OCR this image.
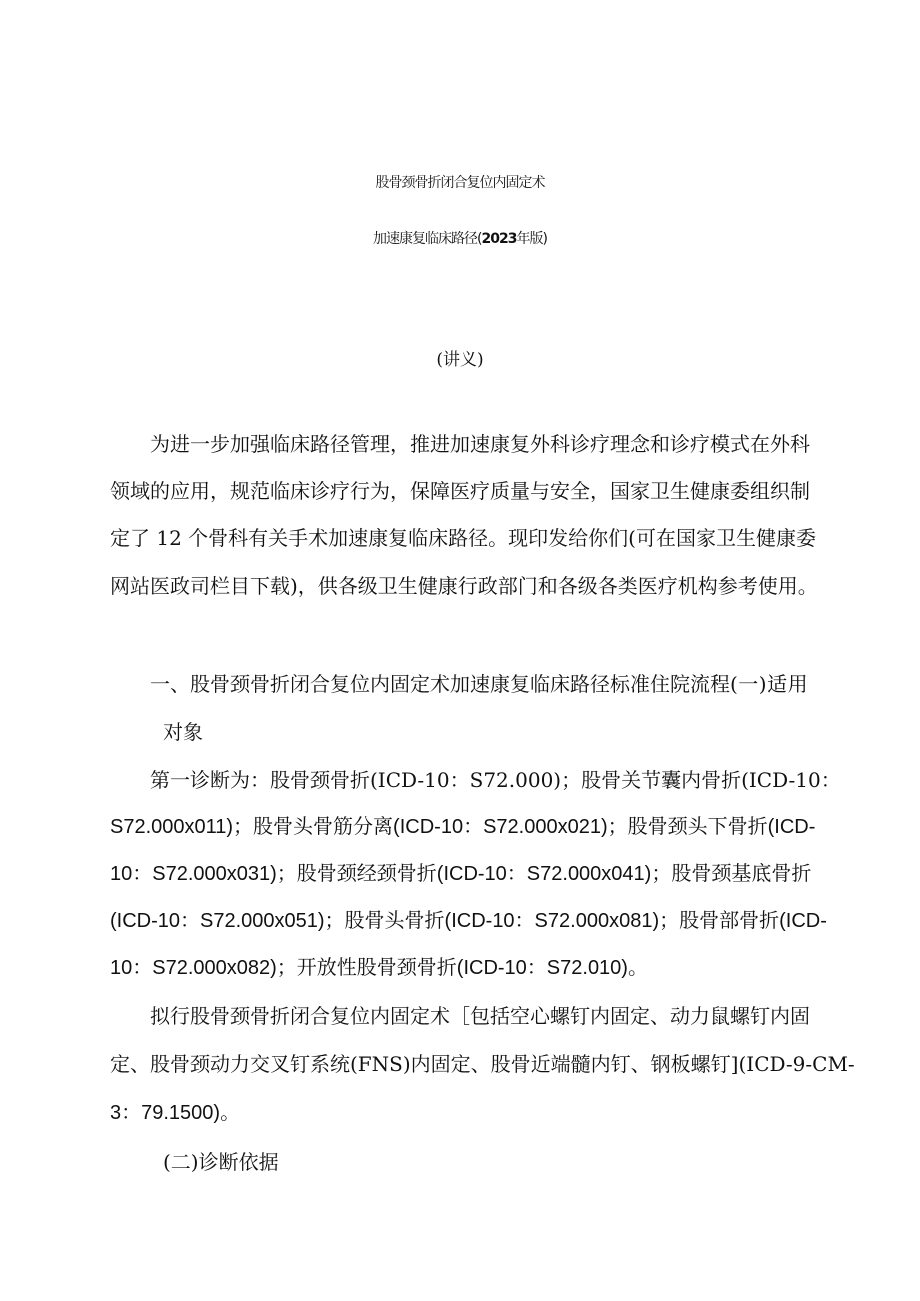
股骨颈骨折闭合复位内固定术
加速康复临床路径(2023年版)
(讲义)
为进一步加强临床路径管理，推进加速康复外科诊疗理念和诊疗模式在外科
领域的应用，规范临床诊疗行为，保障医疗质量与安全，国家卫生健康委组织制
定了 12 个骨科有关手术加速康复临床路径。现印发给你们(可在国家卫生健康委
网站医政司栏目下载)，供各级卫生健康行政部门和各级各类医疗机构参考使用。
一、股骨颈骨折闭合复位内固定术加速康复临床路径标准住院流程(一)适用
对象
第一诊断为：股骨颈骨折(ICD-10：S72.000)；股骨关节囊内骨折(ICD-10：
S72.000x011)；股骨头骨筋分离(ICD-10：S72.000x021)；股骨颈头下骨折(ICD-
10：S72.000x031)；股骨颈经颈骨折(ICD-10：S72.000x041)；股骨颈基底骨折
(ICD-10：S72.000x051)；股骨头骨折(ICD-10：S72.000x081)；股骨部骨折(ICD-
10：S72.000x082)；开放性股骨颈骨折(ICD-10：S72.010)。
拟行股骨颈骨折闭合复位内固定术［包括空心螺钉内固定、动力鼠螺钉内固
定、股骨颈动力交叉钉系统(FNS)内固定、股骨近端髓内钉、钢板螺钉](ICD-9-CM-
3：79.1500)。
(二)诊断依据
